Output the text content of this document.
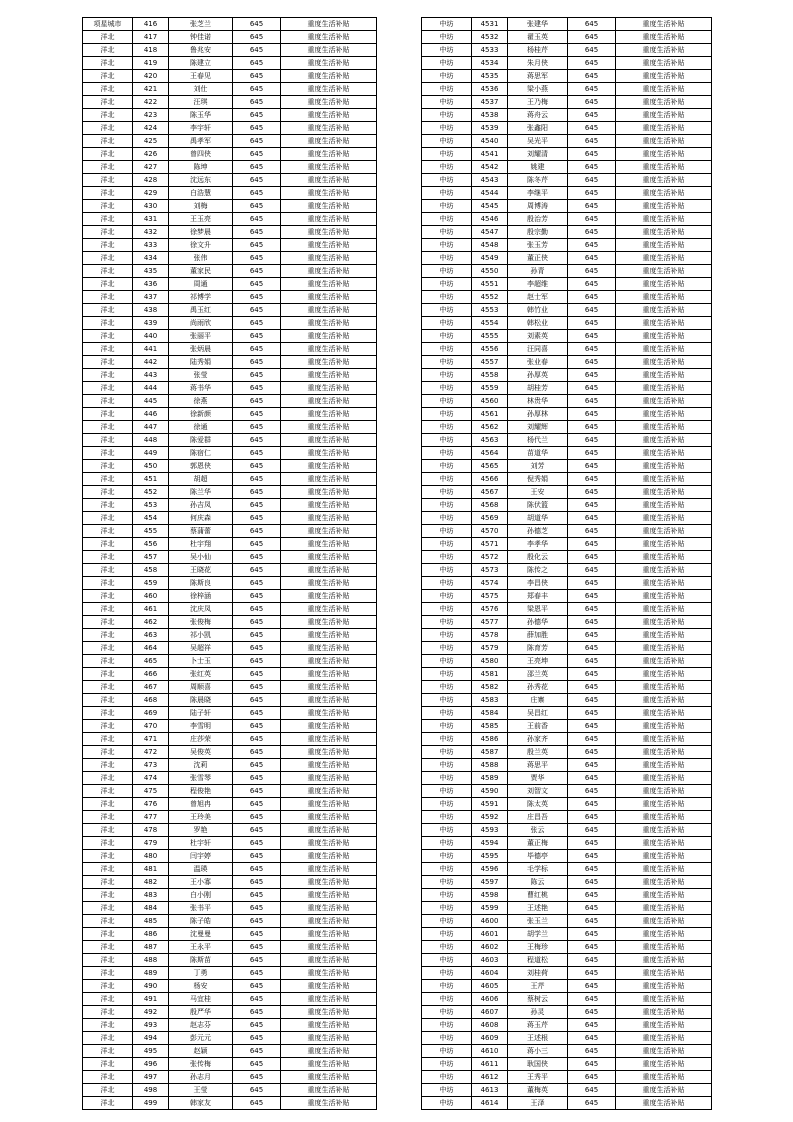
项星城市	416	张芝兰	645	重度生活补贴
洋北	417	钟佳诺	645	重度生活补贴
洋北	418	鲁兆安	645	重度生活补贴
洋北	419	陈建立	645	重度生活补贴
洋北	420	王春见	645	重度生活补贴
洋北	421	刘仕	645	重度生活补贴
洋北	422	汪琪	645	重度生活补贴
洋北	423	陈玉华	645	重度生活补贴
洋北	424	李宇轩	645	重度生活补贴
洋北	425	禹孝军	645	重度生活补贴
洋北	426	曾四侠	645	重度生活补贴
洋北	427	陈坤	645	重度生活补贴
洋北	428	沈远东	645	重度生活补贴
洋北	429	白浩慧	645	重度生活补贴
洋北	430	刘梅	645	重度生活补贴
洋北	431	王玉亮	645	重度生活补贴
洋北	432	徐梦晨	645	重度生活补贴
洋北	433	徐文升	645	重度生活补贴
洋北	434	张伟	645	重度生活补贴
洋北	435	董家民	645	重度生活补贴
洋北	436	周通	645	重度生活补贴
洋北	437	祁博学	645	重度生活补贴
洋北	438	禹玉红	645	重度生活补贴
洋北	439	尚雨欣	645	重度生活补贴
洋北	440	张丽平	645	重度生活补贴
洋北	441	张炳晨	645	重度生活补贴
洋北	442	陆秀娟	645	重度生活补贴
洋北	443	张莹	645	重度生活补贴
洋北	444	蒋书华	645	重度生活补贴
洋北	445	徐燕	645	重度生活补贴
洋北	446	徐新颜	645	重度生活补贴
洋北	447	徐通	645	重度生活补贴
洋北	448	陈爱群	645	重度生活补贴
洋北	449	陈宿仁	645	重度生活补贴
洋北	450	郭恩侠	645	重度生活补贴
洋北	451	胡超	645	重度生活补贴
洋北	452	陈兰华	645	重度生活补贴
洋北	453	孙吉凤	645	重度生活补贴
洋北	454	何庆森	645	重度生活补贴
洋北	455	蔡蒲蕾	645	重度生活补贴
洋北	456	杜宇翔	645	重度生活补贴
洋北	457	吴小仙	645	重度生活补贴
洋北	458	王晓花	645	重度生活补贴
洋北	459	陈斯良	645	重度生活补贴
洋北	460	徐梓涵	645	重度生活补贴
洋北	461	沈庆凤	645	重度生活补贴
洋北	462	张俊梅	645	重度生活补贴
洋北	463	祁小凯	645	重度生活补贴
洋北	464	吴超祥	645	重度生活补贴
洋北	465	卜士玉	645	重度生活补贴
洋北	466	张红英	645	重度生活补贴
洋北	467	周顺喜	645	重度生活补贴
洋北	468	陈晨晓	645	重度生活补贴
洋北	469	陆子轩	645	重度生活补贴
洋北	470	李雪明	645	重度生活补贴
洋北	471	庄莎荣	645	重度生活补贴
洋北	472	吴俊英	645	重度生活补贴
洋北	473	沈莉	645	重度生活补贴
洋北	474	张雪琴	645	重度生活补贴
洋北	475	程俊艳	645	重度生活补贴
洋北	476	曾旭冉	645	重度生活补贴
洋北	477	王玲美	645	重度生活补贴
洋北	478	罗艳	645	重度生活补贴
洋北	479	杜宇轩	645	重度生活补贴
洋北	480	闫宇婷	645	重度生活补贴
洋北	481	温瑛	645	重度生活补贴
洋北	482	王小寡	645	重度生活补贴
洋北	483	白小刚	645	重度生活补贴
洋北	484	张书平	645	重度生活补贴
洋北	485	陈子皓	645	重度生活补贴
洋北	486	沈曼曼	645	重度生活补贴
洋北	487	王永平	645	重度生活补贴
洋北	488	陈斯苗	645	重度生活补贴
洋北	489	丁勇	645	重度生活补贴
洋北	490	杨安	645	重度生活补贴
洋北	491	马宜桂	645	重度生活补贴
洋北	492	殷严华	645	重度生活补贴
洋北	493	赵志芬	645	重度生活补贴
洋北	494	彭元元	645	重度生活补贴
洋北	495	赵颖	645	重度生活补贴
洋北	496	张传梅	645	重度生活补贴
洋北	497	孙志月	645	重度生活补贴
洋北	498	王莹	645	重度生活补贴
洋北	499	韩家友	645	重度生活补贴
中坊	4531	张建华	645	重度生活补贴
中坊	4532	翟玉英	645	重度生活补贴
中坊	4533	杨桂芹	645	重度生活补贴
中坊	4534	朱月侠	645	重度生活补贴
中坊	4535	蒋思军	645	重度生活补贴
中坊	4536	梁小燕	645	重度生活补贴
中坊	4537	王乃梅	645	重度生活补贴
中坊	4538	蒋舟云	645	重度生活补贴
中坊	4539	张鑫阳	645	重度生活补贴
中坊	4540	吴光平	645	重度生活补贴
中坊	4541	刘耀清	645	重度生活补贴
中坊	4542	姚建	645	重度生活补贴
中坊	4543	陈冬芹	645	重度生活补贴
中坊	4544	李继平	645	重度生活补贴
中坊	4545	周博涛	645	重度生活补贴
中坊	4546	殷治芳	645	重度生活补贴
中坊	4547	殷宗勤	645	重度生活补贴
中坊	4548	张玉芳	645	重度生活补贴
中坊	4549	董正侠	645	重度生活补贴
中坊	4550	孙青	645	重度生活补贴
中坊	4551	李超维	645	重度生活补贴
中坊	4552	赵士军	645	重度生活补贴
中坊	4553	韩竹业	645	重度生活补贴
中坊	4554	韩松业	645	重度生活补贴
中坊	4555	刘素英	645	重度生活补贴
中坊	4556	汪同喜	645	重度生活补贴
中坊	4557	张业春	645	重度生活补贴
中坊	4558	孙厚英	645	重度生活补贴
中坊	4559	胡桂芳	645	重度生活补贴
中坊	4560	林贵华	645	重度生活补贴
中坊	4561	孙厚林	645	重度生活补贴
中坊	4562	刘耀辉	645	重度生活补贴
中坊	4563	杨代兰	645	重度生活补贴
中坊	4564	苗道华	645	重度生活补贴
中坊	4565	刘芳	645	重度生活补贴
中坊	4566	倪秀娟	645	重度生活补贴
中坊	4567	王安	645	重度生活补贴
中坊	4568	陈伏篮	645	重度生活补贴
中坊	4569	胡道华	645	重度生活补贴
中坊	4570	孙德芝	645	重度生活补贴
中坊	4571	李孝华	645	重度生活补贴
中坊	4572	殷化云	645	重度生活补贴
中坊	4573	陈传之	645	重度生活补贴
中坊	4574	李昌侠	645	重度生活补贴
中坊	4575	郑春丰	645	重度生活补贴
中坊	4576	梁恩平	645	重度生活补贴
中坊	4577	孙德华	645	重度生活补贴
中坊	4578	薛加胜	645	重度生活补贴
中坊	4579	陈育芳	645	重度生活补贴
中坊	4580	王亮坤	645	重度生活补贴
中坊	4581	邵兰英	645	重度生活补贴
中坊	4582	孙秀花	645	重度生活补贴
中坊	4583	庄寨	645	重度生活补贴
中坊	4584	吴昌红	645	重度生活补贴
中坊	4585	王前香	645	重度生活补贴
中坊	4586	孙家齐	645	重度生活补贴
中坊	4587	殷兰英	645	重度生活补贴
中坊	4588	蒋思平	645	重度生活补贴
中坊	4589	贾华	645	重度生活补贴
中坊	4590	刘智文	645	重度生活补贴
中坊	4591	陈太英	645	重度生活补贴
中坊	4592	庄昌吾	645	重度生活补贴
中坊	4593	张云	645	重度生活补贴
中坊	4594	董正梅	645	重度生活补贴
中坊	4595	毕德亭	645	重度生活补贴
中坊	4596	毛学标	645	重度生活补贴
中坊	4597	陈云	645	重度生活补贴
中坊	4598	曹红桃	645	重度生活补贴
中坊	4599	王述艳	645	重度生活补贴
中坊	4600	张玉兰	645	重度生活补贴
中坊	4601	胡学兰	645	重度生活补贴
中坊	4602	王梅珍	645	重度生活补贴
中坊	4603	程道松	645	重度生活补贴
中坊	4604	刘桂荷	645	重度生活补贴
中坊	4605	王芹	645	重度生活补贴
中坊	4606	蔡树云	645	重度生活补贴
中坊	4607	孙灵	645	重度生活补贴
中坊	4608	蒋玉芹	645	重度生活补贴
中坊	4609	王述根	645	重度生活补贴
中坊	4610	蒋小三	645	重度生活补贴
中坊	4611	耿国侠	645	重度生活补贴
中坊	4612	王秀平	645	重度生活补贴
中坊	4613	董梅英	645	重度生活补贴
中坊	4614	王泽	645	重度生活补贴
